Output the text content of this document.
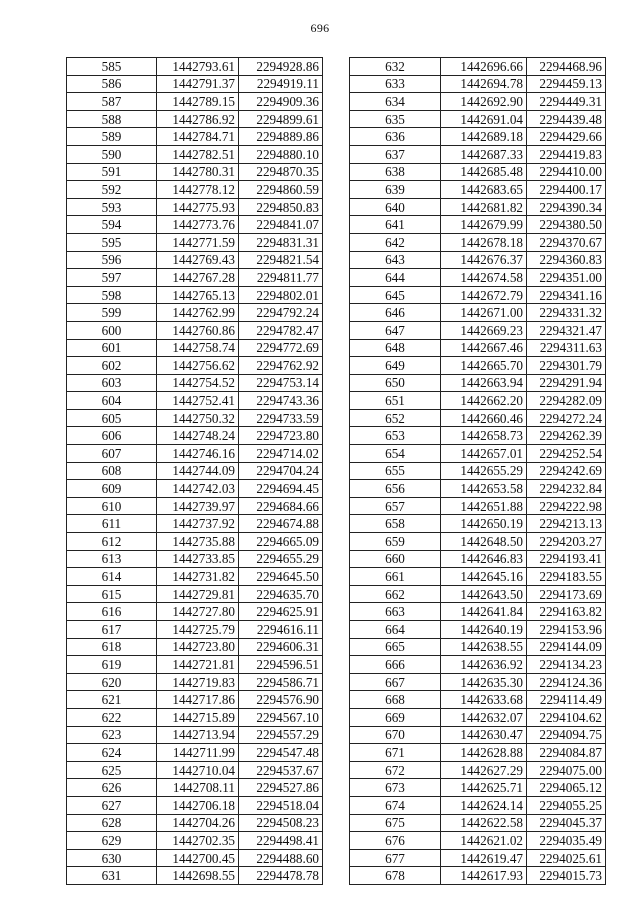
696
585	1442793.61	2294928.86
586	1442791.37	2294919.11
587	1442789.15	2294909.36
588	1442786.92	2294899.61
589	1442784.71	2294889.86
590	1442782.51	2294880.10
591	1442780.31	2294870.35
592	1442778.12	2294860.59
593	1442775.93	2294850.83
594	1442773.76	2294841.07
595	1442771.59	2294831.31
596	1442769.43	2294821.54
597	1442767.28	2294811.77
598	1442765.13	2294802.01
599	1442762.99	2294792.24
600	1442760.86	2294782.47
601	1442758.74	2294772.69
602	1442756.62	2294762.92
603	1442754.52	2294753.14
604	1442752.41	2294743.36
605	1442750.32	2294733.59
606	1442748.24	2294723.80
607	1442746.16	2294714.02
608	1442744.09	2294704.24
609	1442742.03	2294694.45
610	1442739.97	2294684.66
611	1442737.92	2294674.88
612	1442735.88	2294665.09
613	1442733.85	2294655.29
614	1442731.82	2294645.50
615	1442729.81	2294635.70
616	1442727.80	2294625.91
617	1442725.79	2294616.11
618	1442723.80	2294606.31
619	1442721.81	2294596.51
620	1442719.83	2294586.71
621	1442717.86	2294576.90
622	1442715.89	2294567.10
623	1442713.94	2294557.29
624	1442711.99	2294547.48
625	1442710.04	2294537.67
626	1442708.11	2294527.86
627	1442706.18	2294518.04
628	1442704.26	2294508.23
629	1442702.35	2294498.41
630	1442700.45	2294488.60
631	1442698.55	2294478.78
632	1442696.66	2294468.96
633	1442694.78	2294459.13
634	1442692.90	2294449.31
635	1442691.04	2294439.48
636	1442689.18	2294429.66
637	1442687.33	2294419.83
638	1442685.48	2294410.00
639	1442683.65	2294400.17
640	1442681.82	2294390.34
641	1442679.99	2294380.50
642	1442678.18	2294370.67
643	1442676.37	2294360.83
644	1442674.58	2294351.00
645	1442672.79	2294341.16
646	1442671.00	2294331.32
647	1442669.23	2294321.47
648	1442667.46	2294311.63
649	1442665.70	2294301.79
650	1442663.94	2294291.94
651	1442662.20	2294282.09
652	1442660.46	2294272.24
653	1442658.73	2294262.39
654	1442657.01	2294252.54
655	1442655.29	2294242.69
656	1442653.58	2294232.84
657	1442651.88	2294222.98
658	1442650.19	2294213.13
659	1442648.50	2294203.27
660	1442646.83	2294193.41
661	1442645.16	2294183.55
662	1442643.50	2294173.69
663	1442641.84	2294163.82
664	1442640.19	2294153.96
665	1442638.55	2294144.09
666	1442636.92	2294134.23
667	1442635.30	2294124.36
668	1442633.68	2294114.49
669	1442632.07	2294104.62
670	1442630.47	2294094.75
671	1442628.88	2294084.87
672	1442627.29	2294075.00
673	1442625.71	2294065.12
674	1442624.14	2294055.25
675	1442622.58	2294045.37
676	1442621.02	2294035.49
677	1442619.47	2294025.61
678	1442617.93	2294015.73
